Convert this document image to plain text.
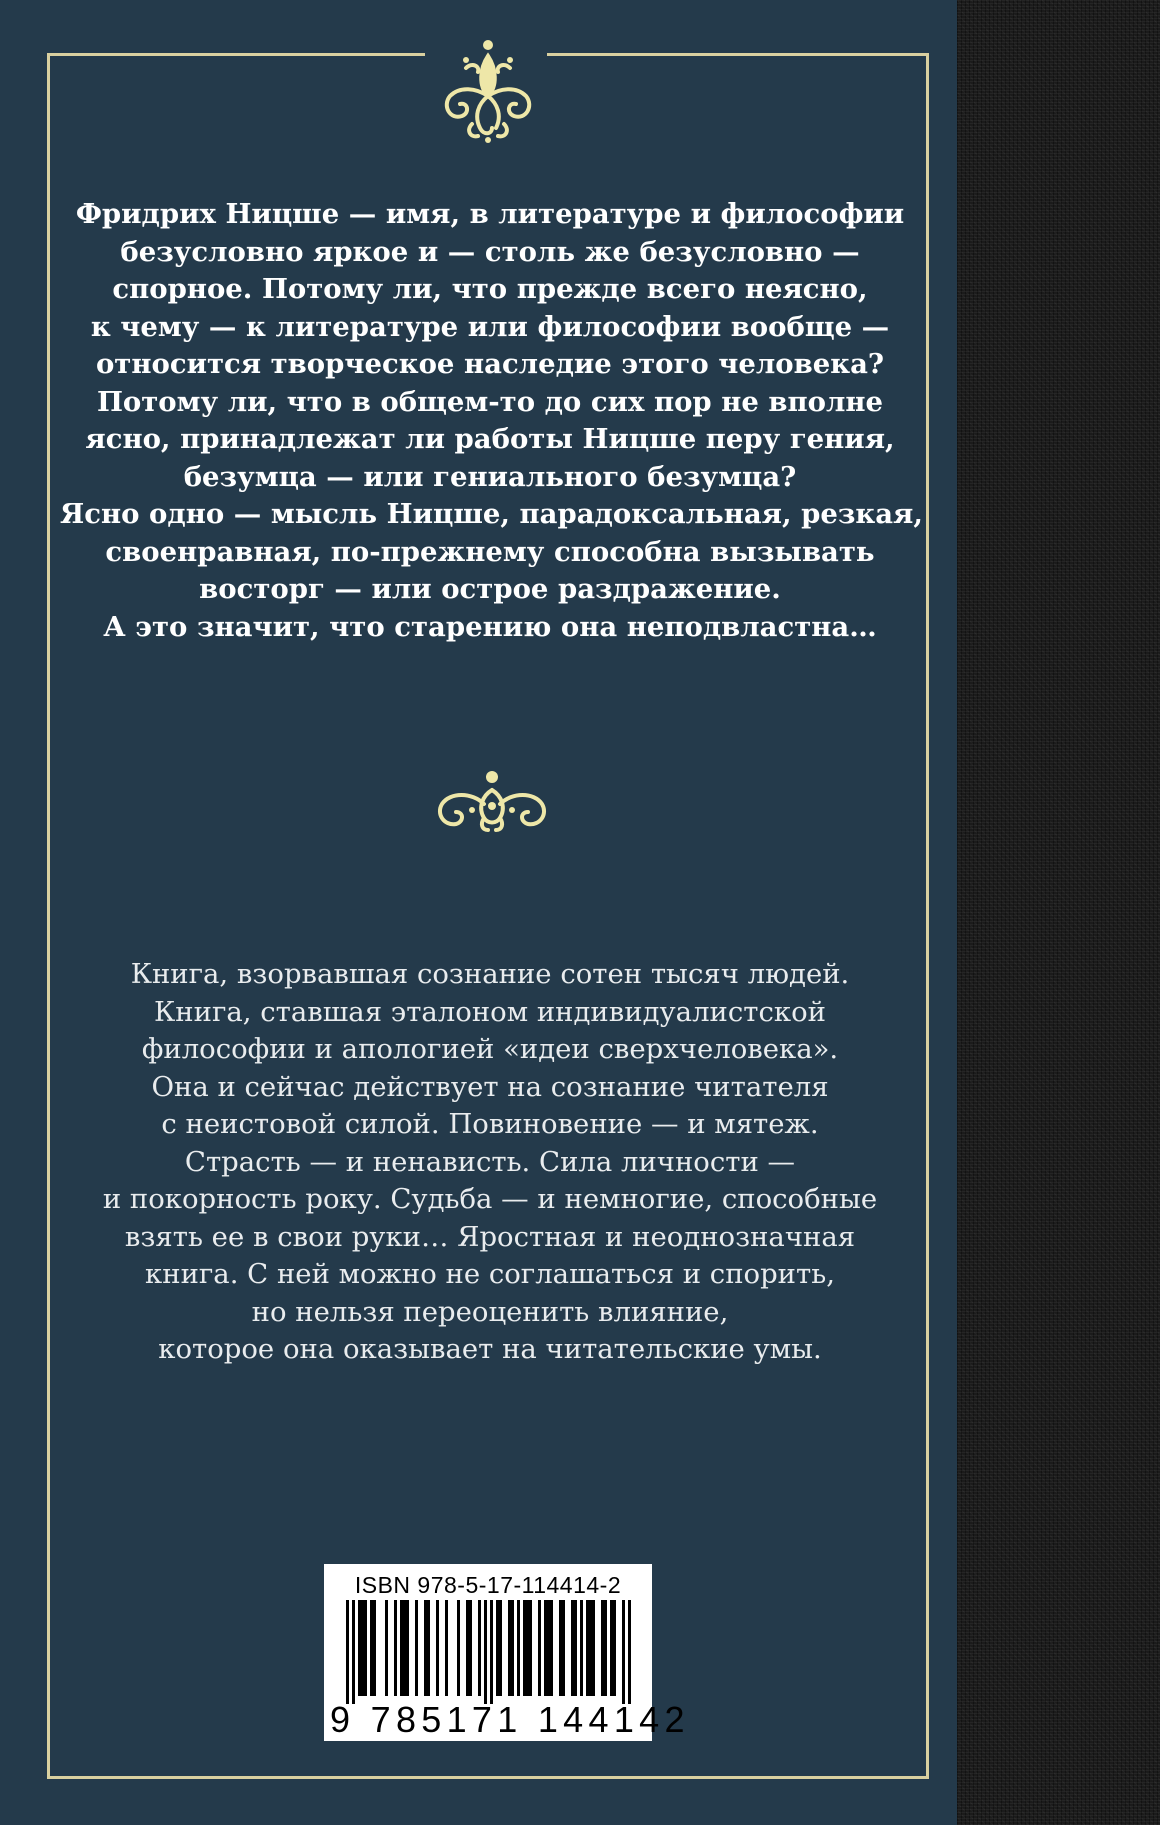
Фридрих Ницше — имя, в литературе и философии
безусловно яркое и — столь же безусловно —
спорное. Потому ли, что прежде всего неясно,
к чему — к литературе или философии вообще —
относится творческое наследие этого человека?
Потому ли, что в общем-то до сих пор не вполне
ясно, принадлежат ли работы Ницше перу гения,
безумца — или гениального безумца?
Ясно одно — мысль Ницше, парадоксальная, резкая,
своенравная, по-прежнему способна вызывать
восторг — или острое раздражение.
А это значит, что старению она неподвластна…
Книга, взорвавшая сознание сотен тысяч людей.
Книга, ставшая эталоном индивидуалистской
философии и апологией «идеи сверхчеловека».
Она и сейчас действует на сознание читателя
с неистовой силой. Повиновение — и мятеж.
Страсть — и ненависть. Сила личности —
и покорность року. Судьба — и немногие, способные
взять ее в свои руки… Яростная и неоднозначная
книга. С ней можно не соглашаться и спорить,
но нельзя переоценить влияние,
которое она оказывает на читательские умы.
ISBN 978-5-17-114414-2
9 785171 144142
